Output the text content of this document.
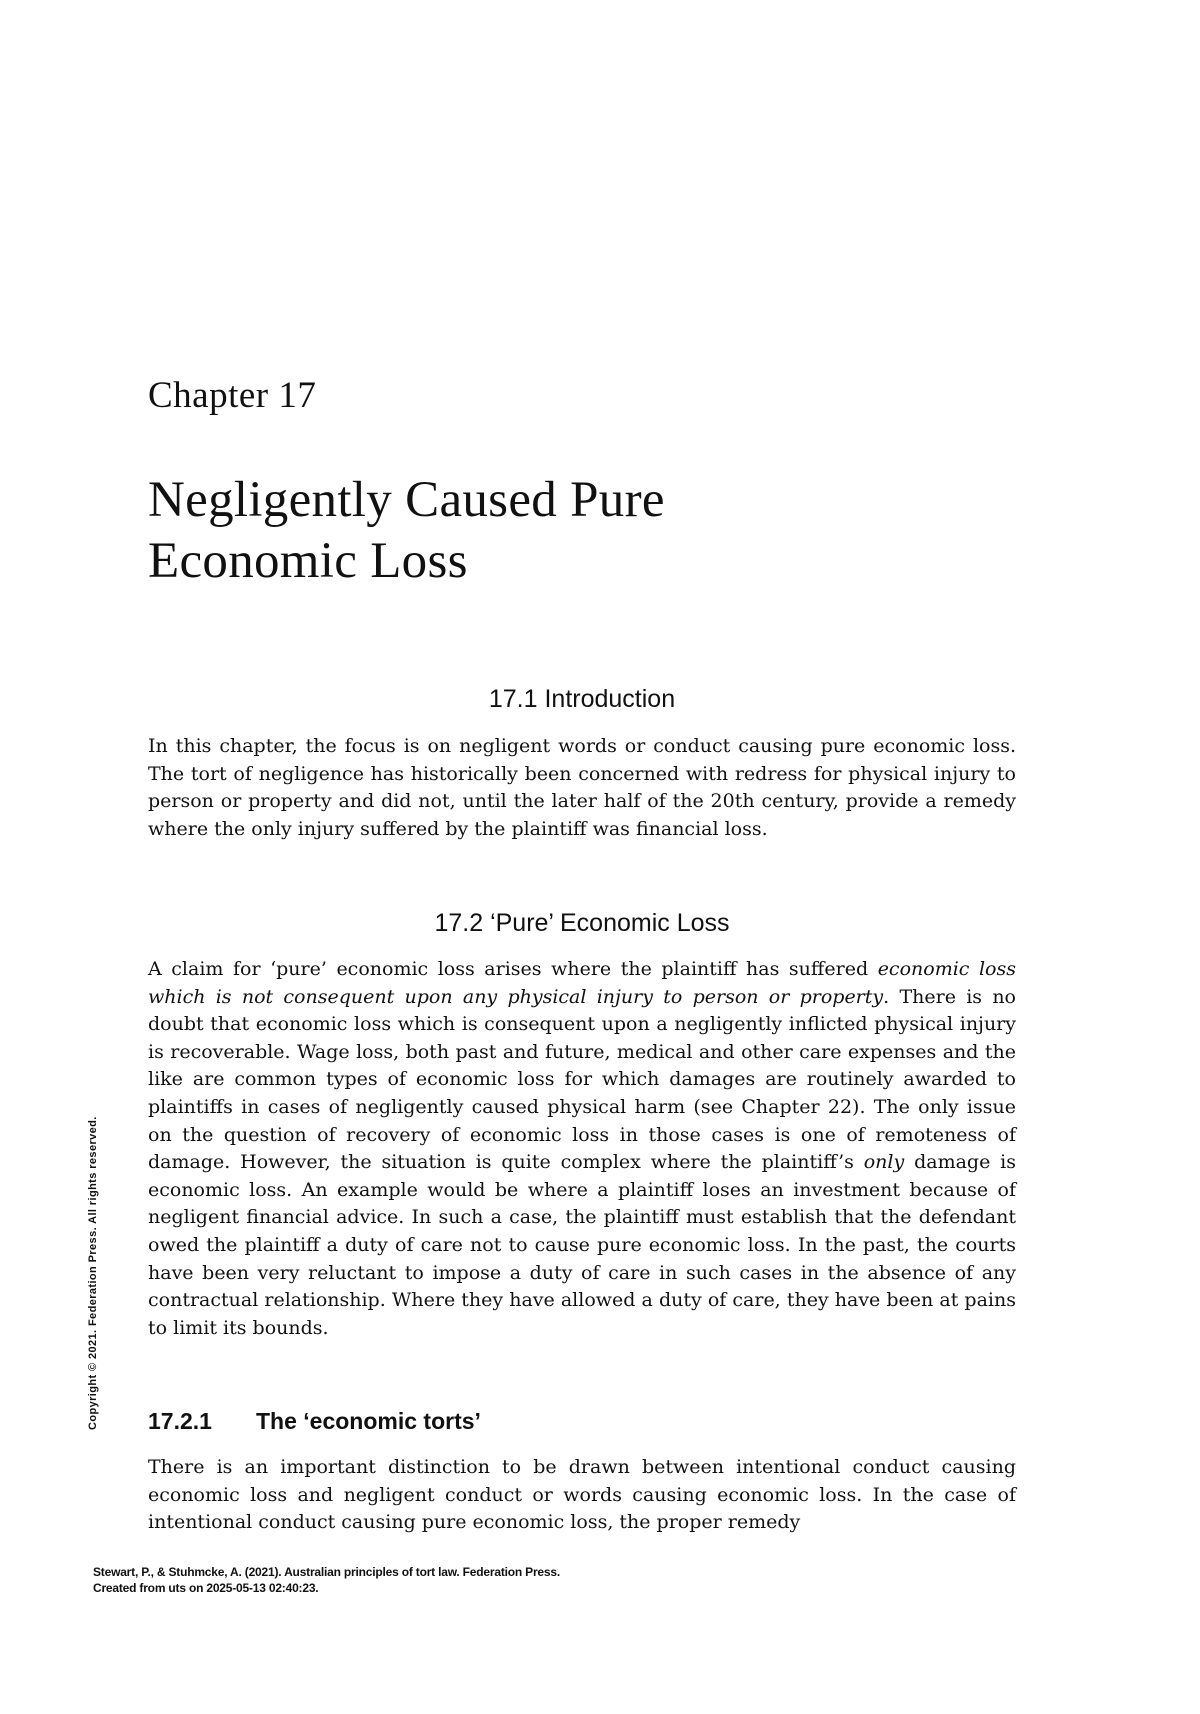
Chapter 17
Negligently Caused Pure
Economic Loss
17.1 Introduction

In this chapter, the focus is on negligent words or conduct causing pure economic loss. The tort of negligence has historically been concerned with redress for physical injury to person or property and did not, until the later half of the 20th century, provide a remedy where the only injury suffered by the plaintiff was financial loss.

17.2 ‘Pure’ Economic Loss

A claim for ‘pure’ economic loss arises where the plaintiff has suffered economic loss which is not consequent upon any physical injury to person or property. There is no doubt that economic loss which is consequent upon a negligently inflicted physical injury is recoverable. Wage loss, both past and future, medical and other care expenses and the like are common types of economic loss for which damages are routinely awarded to plaintiffs in cases of negligently caused physical harm (see Chapter 22). The only issue on the question of recovery of economic loss in those cases is one of remoteness of damage. However, the situation is quite complex where the plaintiff’s only damage is economic loss. An example would be where a plaintiff loses an investment because of negligent financial advice. In such a case, the plaintiff must establish that the defendant owed the plaintiff a duty of care not to cause pure economic loss. In the past, the courts have been very reluctant to impose a duty of care in such cases in the absence of any contractual relationship. Where they have allowed a duty of care, they have been at pains to limit its bounds.

17.2.1 The ‘economic torts’

There is an important distinction to be drawn between intentional conduct causing economic loss and negligent conduct or words causing economic loss. In the case of intentional conduct causing pure economic loss, the proper remedy

Copyright © 2021. Federation Press. All rights reserved.
Stewart, P., & Stuhmcke, A. (2021). Australian principles of tort law. Federation Press.
Created from uts on 2025-05-13 02:40:23.
